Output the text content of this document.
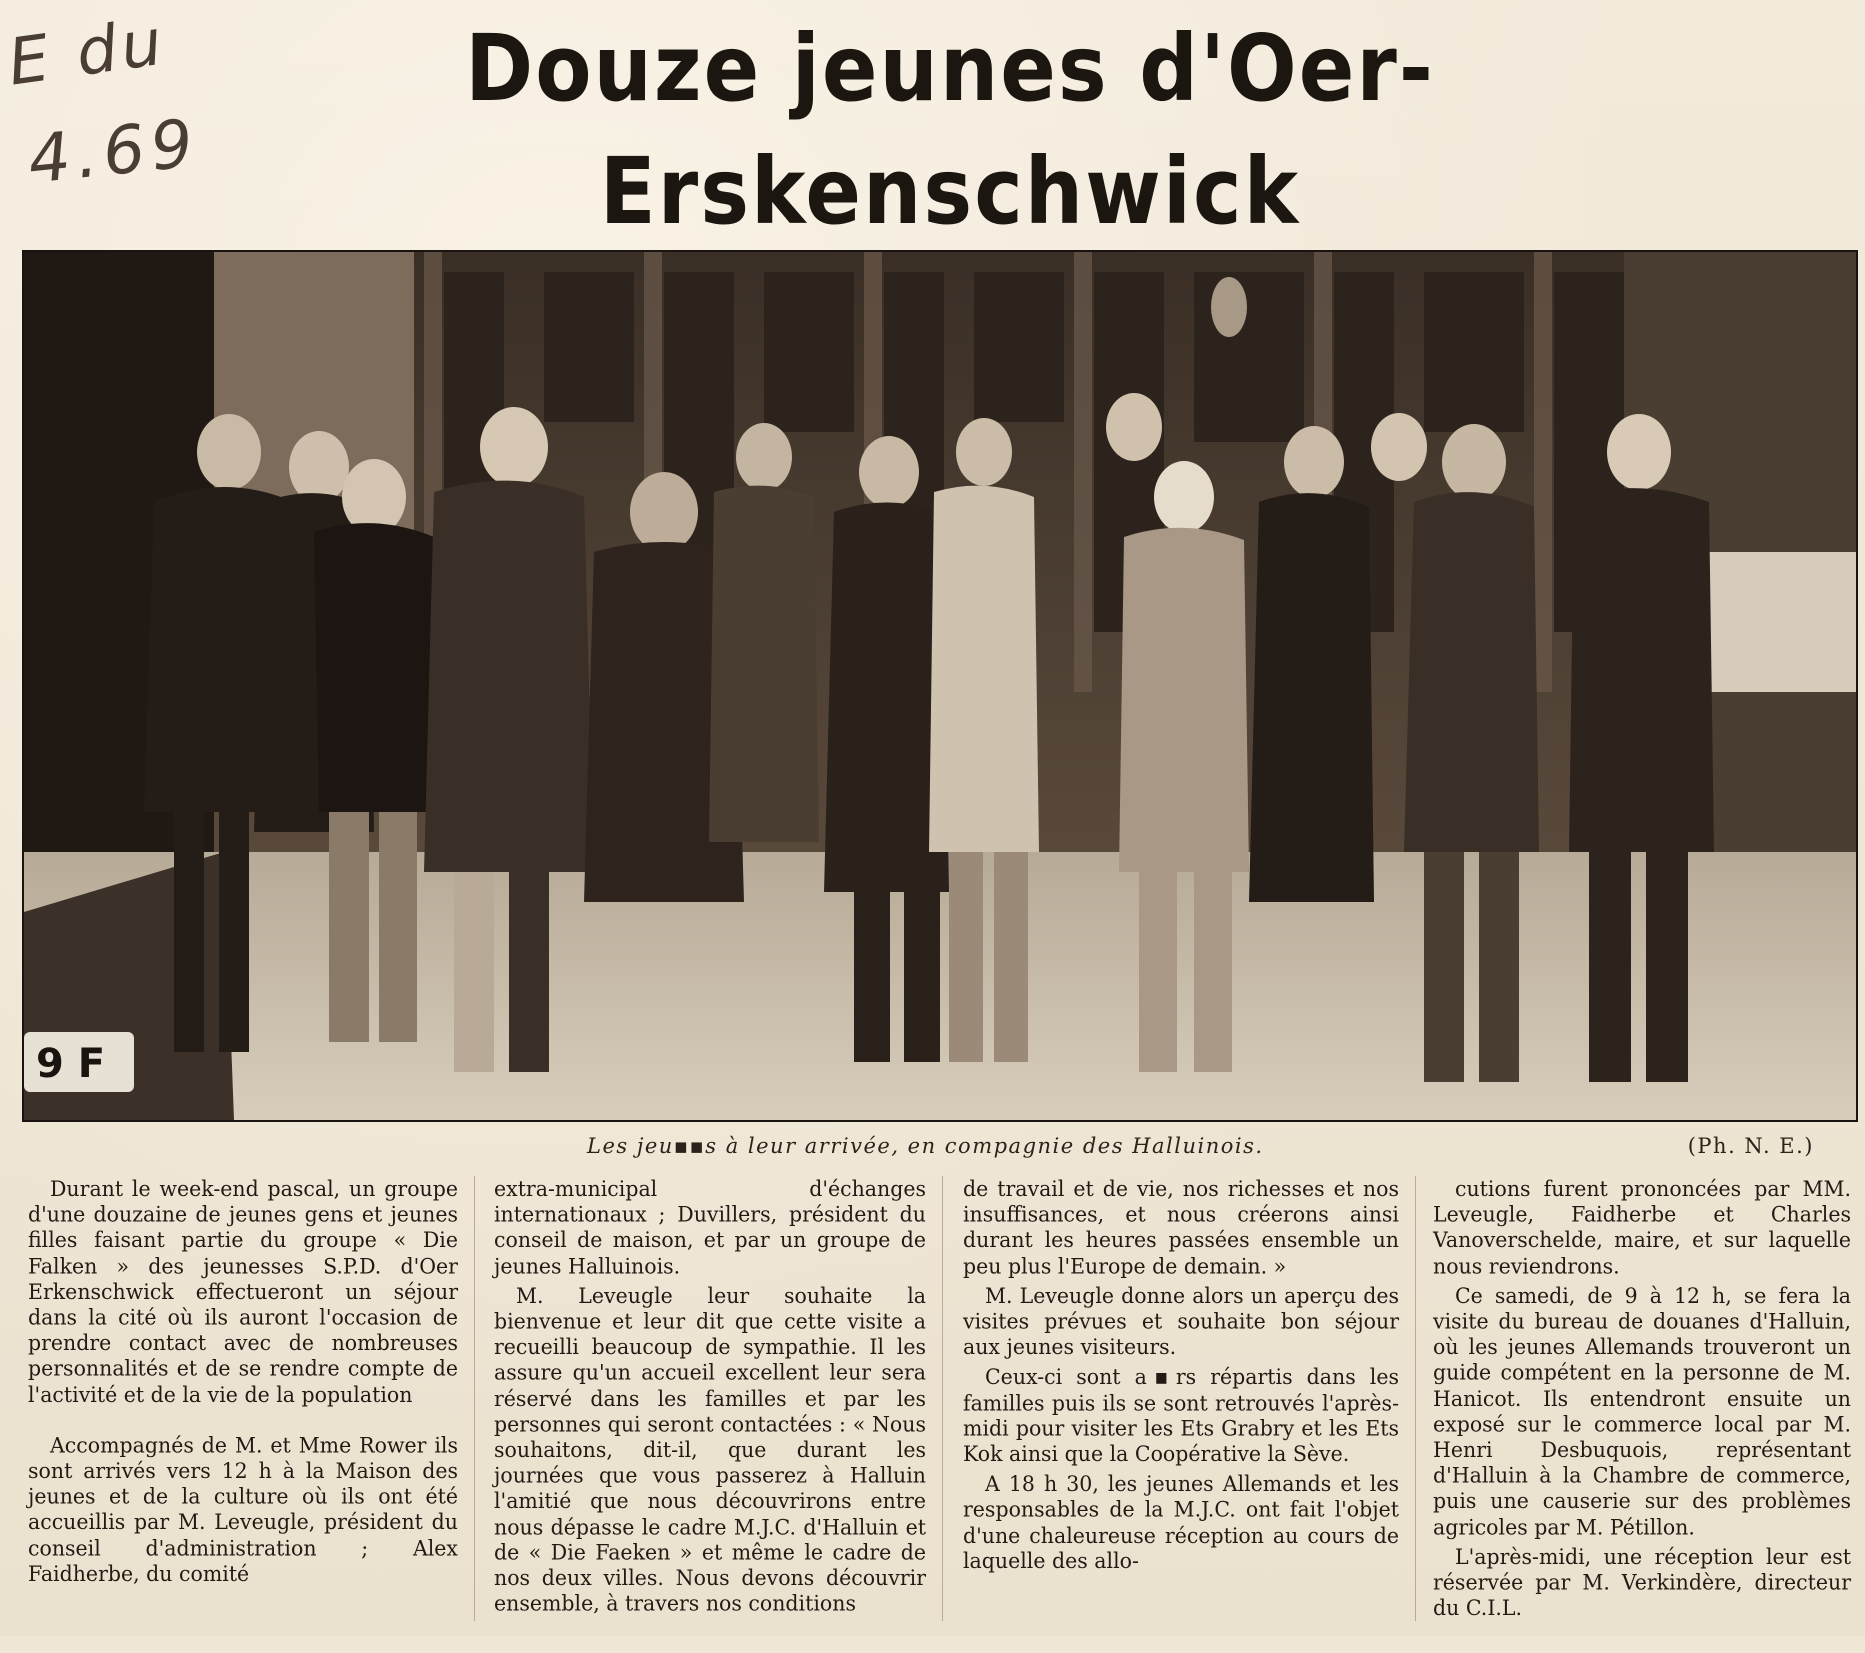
E du
4.69
Douze jeunes d'Oer-Erskenschwick
9 F
Les jeu▪▪s à leur arrivée, en compagnie des Halluinois.	(Ph. N. E.)

Durant le week-end pascal, un groupe d'une douzaine de jeunes gens et jeunes filles faisant partie du groupe « Die Falken » des jeunesses S.P.D. d'Oer Erkenschwick effectueront un séjour dans la cité où ils auront l'occasion de prendre contact avec de nombreuses personnalités et de se rendre compte de l'activité et de la vie de la population

Accompagnés de M. et Mme Rower ils sont arrivés vers 12 h à la Maison des jeunes et de la culture où ils ont été accueillis par M. Leveugle, président du conseil d'administration ; Alex Faidherbe, du comité

extra-municipal d'échanges internationaux ; Duvillers, président du conseil de maison, et par un groupe de jeunes Halluinois.

M. Leveugle leur souhaite la bienvenue et leur dit que cette visite a recueilli beaucoup de sympathie. Il les assure qu'un accueil excellent leur sera réservé dans les familles et par les personnes qui seront contactées : « Nous souhaitons, dit-il, que durant les journées que vous passerez à Halluin l'amitié que nous découvrirons entre nous dépasse le cadre M.J.C. d'Halluin et de « Die Faeken » et même le cadre de nos deux villes. Nous devons découvrir ensemble, à travers nos conditions

de travail et de vie, nos richesses et nos insuffisances, et nous créerons ainsi durant les heures passées ensemble un peu plus l'Europe de demain. »

M. Leveugle donne alors un aperçu des visites prévues et souhaite bon séjour aux jeunes visiteurs.

Ceux-ci sont a▪rs répartis dans les familles puis ils se sont retrouvés l'après-midi pour visiter les Ets Grabry et les Ets Kok ainsi que la Coopérative la Sève.

A 18 h 30, les jeunes Allemands et les responsables de la M.J.C. ont fait l'objet d'une chaleureuse réception au cours de laquelle des allo-

cutions furent prononcées par MM. Leveugle, Faidherbe et Charles Vanoverschelde, maire, et sur laquelle nous reviendrons.

Ce samedi, de 9 à 12 h, se fera la visite du bureau de douanes d'Halluin, où les jeunes Allemands trouveront un guide compétent en la personne de M. Hanicot. Ils entendront ensuite un exposé sur le commerce local par M. Henri Desbuquois, représentant d'Halluin à la Chambre de commerce, puis une causerie sur des problèmes agricoles par M. Pétillon.

L'après-midi, une réception leur est réservée par M. Verkindère, directeur du C.I.L.
